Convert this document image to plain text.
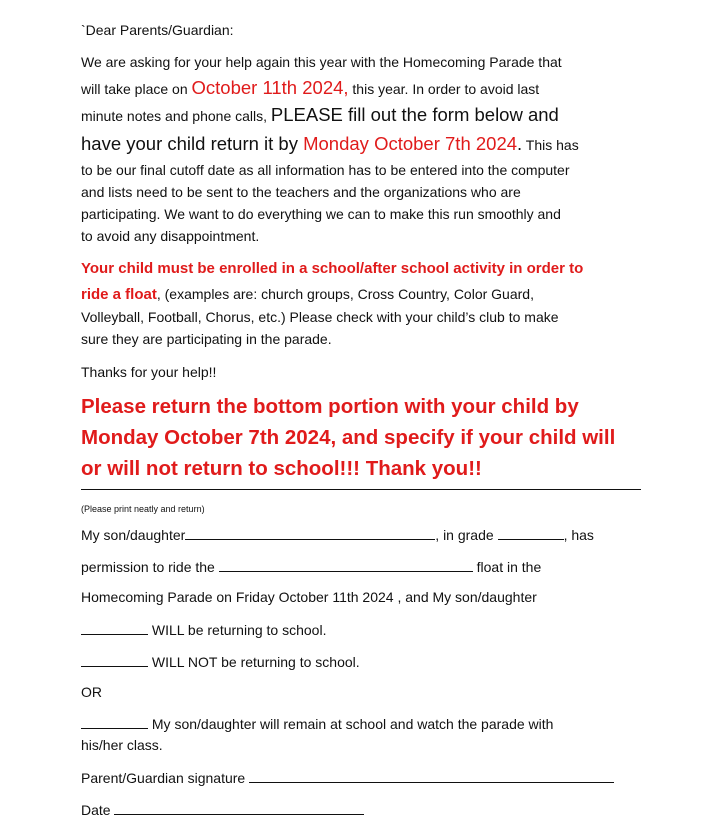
`Dear Parents/Guardian:
We are asking for your help again this year with the Homecoming Parade that
will take place on October 11th 2024, this year. In order to avoid last
minute notes and phone calls, PLEASE fill out the form below and
have your child return it by Monday October 7th 2024. This has
to be our final cutoff date as all information has to be entered into the computer
and lists need to be sent to the teachers and the organizations who are
participating. We want to do everything we can to make this run smoothly and
to avoid any disappointment.
Your child must be enrolled in a school/after school activity in order to
ride a float, (examples are: church groups, Cross Country, Color Guard,
Volleyball, Football, Chorus, etc.) Please check with your child’s club to make
sure they are participating in the parade.
Thanks for your help!!
Please return the bottom portion with your child by
Monday October 7th 2024, and specify if your child will
or will not return to school!!! Thank you!!
(Please print neatly and return)
My son/daughter	, in grade	, has
permission to ride the	float in the
Homecoming Parade on Friday October 11th 2024 , and My son/daughter
WILL be returning to school.
WILL NOT be returning to school.
OR
My son/daughter will remain at school and watch the parade with
his/her class.
Parent/Guardian signature
Date
